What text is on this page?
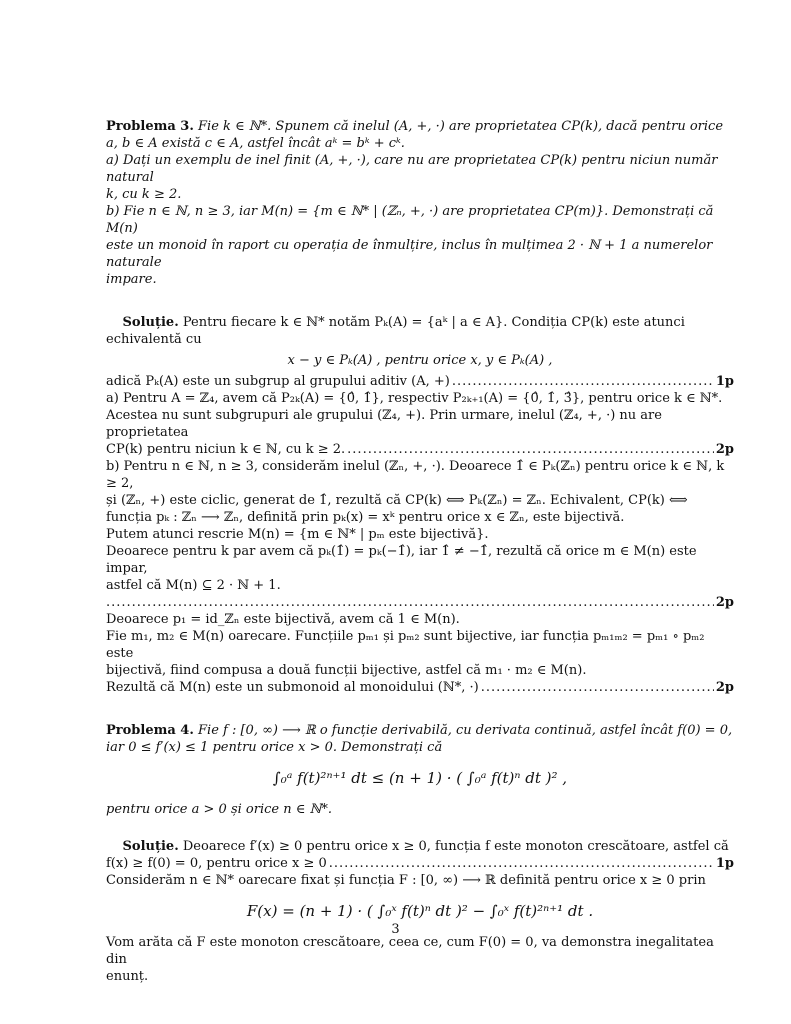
Problema 3. Fie k ∈ ℕ*. Spunem că inelul (A, +, ·) are proprietatea CP(k), dacă pentru orice

a, b ∈ A există c ∈ A, astfel încât aᵏ = bᵏ + cᵏ.

a) Dați un exemplu de inel finit (A, +, ·), care nu are proprietatea CP(k) pentru niciun număr natural

k, cu k ≥ 2.

b) Fie n ∈ ℕ, n ≥ 3, iar M(n) = {m ∈ ℕ* | (ℤₙ, +, ·) are proprietatea CP(m)}. Demonstrați că M(n)

este un monoid în raport cu operația de înmulțire, inclus în mulțimea 2 · ℕ + 1 a numerelor naturale

impare.

Soluție. Pentru fiecare k ∈ ℕ* notăm Pₖ(A) = {aᵏ | a ∈ A}. Condiția CP(k) este atunci

echivalentă cu

x − y ∈ Pₖ(A) , pentru orice x, y ∈ Pₖ(A) ,

adică Pₖ(A) este un subgrup al grupului aditiv (A, +) .....	1p

a) Pentru A = ℤ₄, avem că P₂ₖ(A) = {0̂, 1̂}, respectiv P₂ₖ₊₁(A) = {0̂, 1̂, 3̂}, pentru orice k ∈ ℕ*.

Acestea nu sunt subgrupuri ale grupului (ℤ₄, +). Prin urmare, inelul (ℤ₄, +, ·) nu are proprietatea

CP(k) pentru niciun k ∈ ℕ, cu k ≥ 2. .....	2p

b) Pentru n ∈ ℕ, n ≥ 3, considerăm inelul (ℤₙ, +, ·). Deoarece 1̂ ∈ Pₖ(ℤₙ) pentru orice k ∈ ℕ, k ≥ 2,

și (ℤₙ, +) este ciclic, generat de 1̂, rezultă că CP(k) ⟺ Pₖ(ℤₙ) = ℤₙ. Echivalent, CP(k) ⟺

funcția pₖ : ℤₙ ⟶ ℤₙ, definită prin pₖ(x) = xᵏ pentru orice x ∈ ℤₙ, este bijectivă.

Putem atunci rescrie M(n) = {m ∈ ℕ* | pₘ este bijectivă}.

Deoarece pentru k par avem că pₖ(1̂) = pₖ(−1̂), iar 1̂ ≠ −1̂, rezultă că orice m ∈ M(n) este impar,

astfel că M(n) ⊆ 2 · ℕ + 1.

.....
2p

Deoarece p₁ = id_ℤₙ este bijectivă, avem că 1 ∈ M(n).

Fie m₁, m₂ ∈ M(n) oarecare. Funcțiile pₘ₁ și pₘ₂ sunt bijective, iar funcția pₘ₁ₘ₂ = pₘ₁ ∘ pₘ₂ este

bijectivă, fiind compusa a două funcții bijective, astfel că m₁ · m₂ ∈ M(n).

Rezultă că M(n) este un submonoid al monoidului (ℕ*, ·) .....	2p

Problema 4. Fie f : [0, ∞) ⟶ ℝ o funcție derivabilă, cu derivata continuă, astfel încât f(0) = 0,

iar 0 ≤ f′(x) ≤ 1 pentru orice x > 0. Demonstrați că

∫₀ᵃ f(t)²ⁿ⁺¹ dt ≤ (n + 1) · ( ∫₀ᵃ f(t)ⁿ dt )² ,

pentru orice a > 0 și orice n ∈ ℕ*.

Soluție. Deoarece f′(x) ≥ 0 pentru orice x ≥ 0, funcția f este monoton crescătoare, astfel că

f(x) ≥ f(0) = 0, pentru orice x ≥ 0 .....	1p

Considerăm n ∈ ℕ* oarecare fixat și funcția F : [0, ∞) ⟶ ℝ definită pentru orice x ≥ 0 prin

F(x) = (n + 1) · ( ∫₀ˣ f(t)ⁿ dt )² − ∫₀ˣ f(t)²ⁿ⁺¹ dt .

Vom arăta că F este monoton crescătoare, ceea ce, cum F(0) = 0, va demonstra inegalitatea din

enunț.

3
